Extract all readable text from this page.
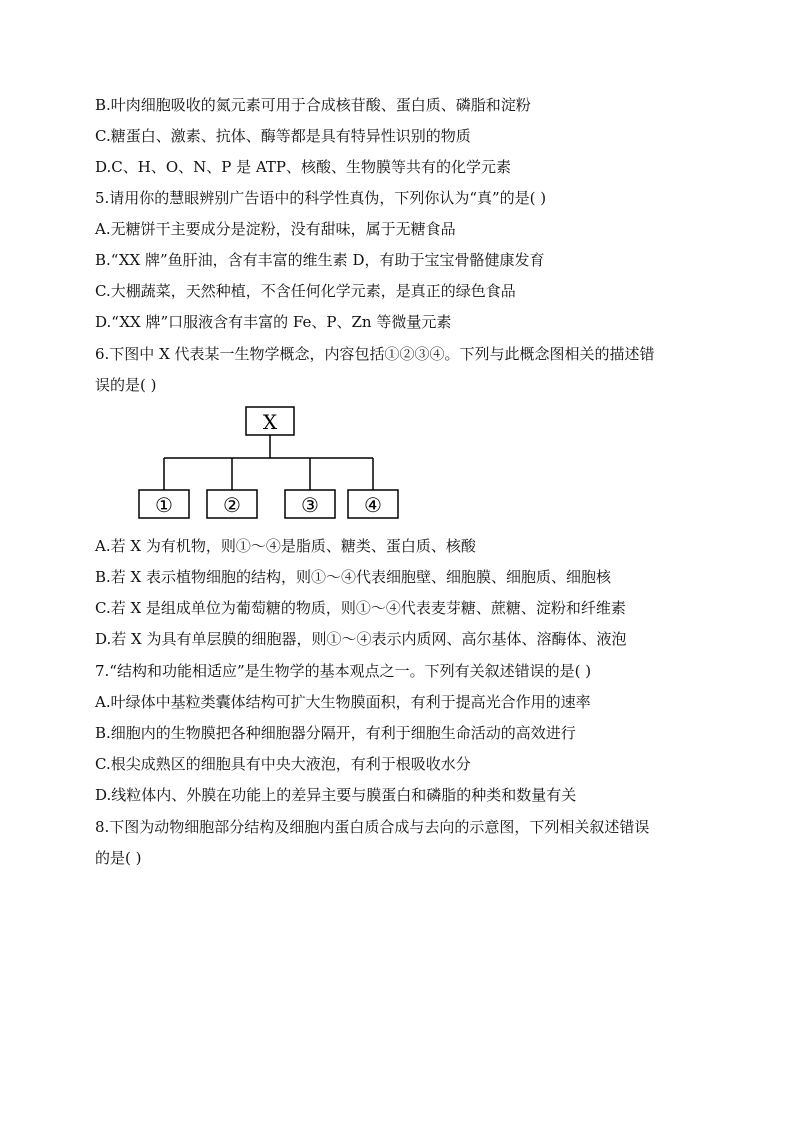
B.叶肉细胞吸收的氮元素可用于合成核苷酸、蛋白质、磷脂和淀粉
C.糖蛋白、激素、抗体、酶等都是具有特异性识别的物质
D.C、H、O、N、P 是 ATP、核酸、生物膜等共有的化学元素
5.请用你的慧眼辨别广告语中的科学性真伪，下列你认为“真”的是( )
A.无糖饼干主要成分是淀粉，没有甜味，属于无糖食品
B.“XX 牌”鱼肝油，含有丰富的维生素 D，有助于宝宝骨骼健康发育
C.大棚蔬菜，天然种植，不含任何化学元素，是真正的绿色食品
D.“XX 牌”口服液含有丰富的 Fe、P、Zn 等微量元素
6.下图中 X 代表某一生物学概念，内容包括①②③④。下列与此概念图相关的描述错
误的是( )
X
①	②	③ ④
A.若 X 为有机物，则①～④是脂质、糖类、蛋白质、核酸
B.若 X 表示植物细胞的结构，则①～④代表细胞壁、细胞膜、细胞质、细胞核
C.若 X 是组成单位为葡萄糖的物质，则①～④代表麦芽糖、蔗糖、淀粉和纤维素
D.若 X 为具有单层膜的细胞器，则①～④表示内质网、高尔基体、溶酶体、液泡
7.“结构和功能相适应”是生物学的基本观点之一。下列有关叙述错误的是( )
A.叶绿体中基粒类囊体结构可扩大生物膜面积，有利于提高光合作用的速率
B.细胞内的生物膜把各种细胞器分隔开，有利于细胞生命活动的高效进行
C.根尖成熟区的细胞具有中央大液泡，有利于根吸收水分
D.线粒体内、外膜在功能上的差异主要与膜蛋白和磷脂的种类和数量有关
8.下图为动物细胞部分结构及细胞内蛋白质合成与去向的示意图，下列相关叙述错误
的是( )
